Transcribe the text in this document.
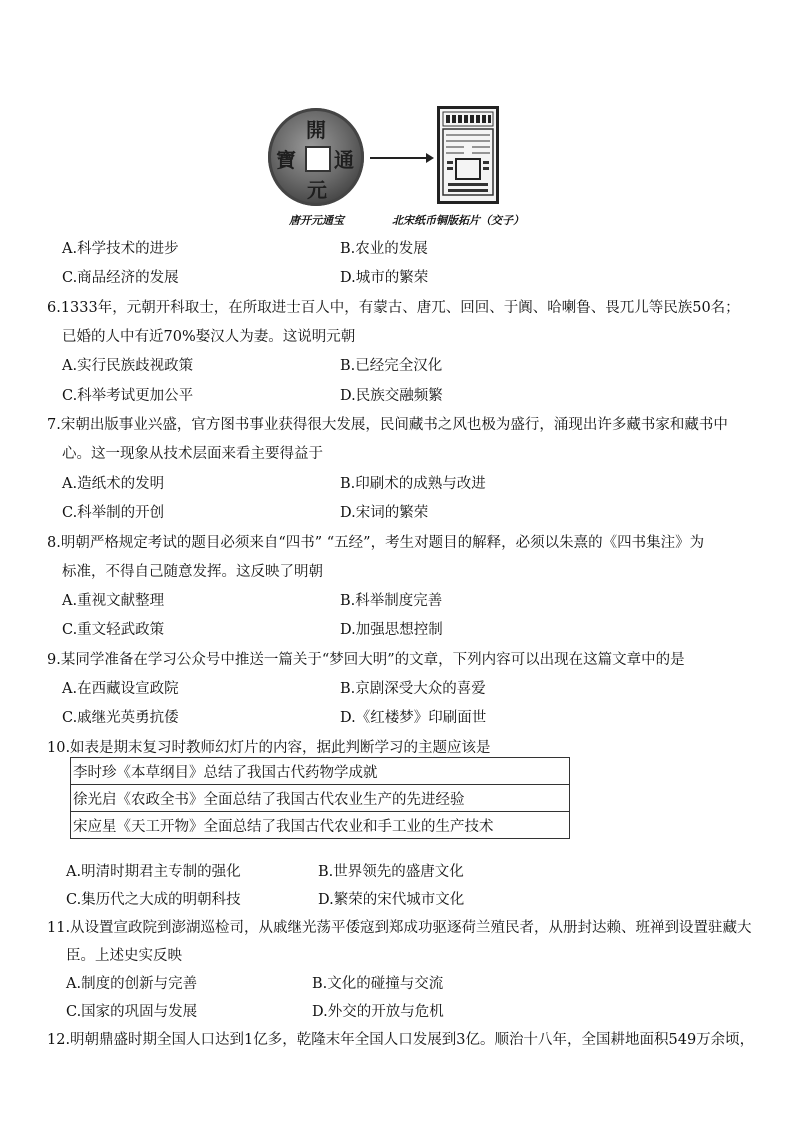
開
通
元
寶
唐开元通宝	北宋纸币铜版拓片（交子）
A.科学技术的进步	B.农业的发展
C.商品经济的发展	D.城市的繁荣
6.1333年，元朝开科取士，在所取进士百人中，有蒙古、唐兀、回回、于阗、哈喇鲁、畏兀儿等民族50名；
已婚的人中有近70%娶汉人为妻。这说明元朝
A.实行民族歧视政策	B.已经完全汉化
C.科举考试更加公平	D.民族交融频繁
7.宋朝出版事业兴盛，官方图书事业获得很大发展，民间藏书之风也极为盛行，涌现出许多藏书家和藏书中
心。这一现象从技术层面来看主要得益于
A.造纸术的发明	B.印刷术的成熟与改进
C.科举制的开创	D.宋词的繁荣
8.明朝严格规定考试的题目必须来自“四书” “五经”，考生对题目的解释，必须以朱熹的《四书集注》为
标准，不得自己随意发挥。这反映了明朝
A.重视文献整理	B.科举制度完善
C.重文轻武政策	D.加强思想控制
9.某同学准备在学习公众号中推送一篇关于“梦回大明”的文章，下列内容可以出现在这篇文章中的是
A.在西藏设宣政院	B.京剧深受大众的喜爱
C.戚继光英勇抗倭	D.《红楼梦》印刷面世
10.如表是期末复习时教师幻灯片的内容，据此判断学习的主题应该是
李时珍《本草纲目》总结了我国古代药物学成就
徐光启《农政全书》全面总结了我国古代农业生产的先进经验
宋应星《天工开物》全面总结了我国古代农业和手工业的生产技术
A.明清时期君主专制的强化	B.世界领先的盛唐文化
C.集历代之大成的明朝科技	D.繁荣的宋代城市文化
11.从设置宣政院到澎湖巡检司，从戚继光荡平倭寇到郑成功驱逐荷兰殖民者，从册封达赖、班禅到设置驻藏大
臣。上述史实反映
A.制度的创新与完善	B.文化的碰撞与交流
C.国家的巩固与发展	D.外交的开放与危机
12.明朝鼎盛时期全国人口达到1亿多，乾隆末年全国人口发展到3亿。顺治十八年，全国耕地面积549万余顷，
